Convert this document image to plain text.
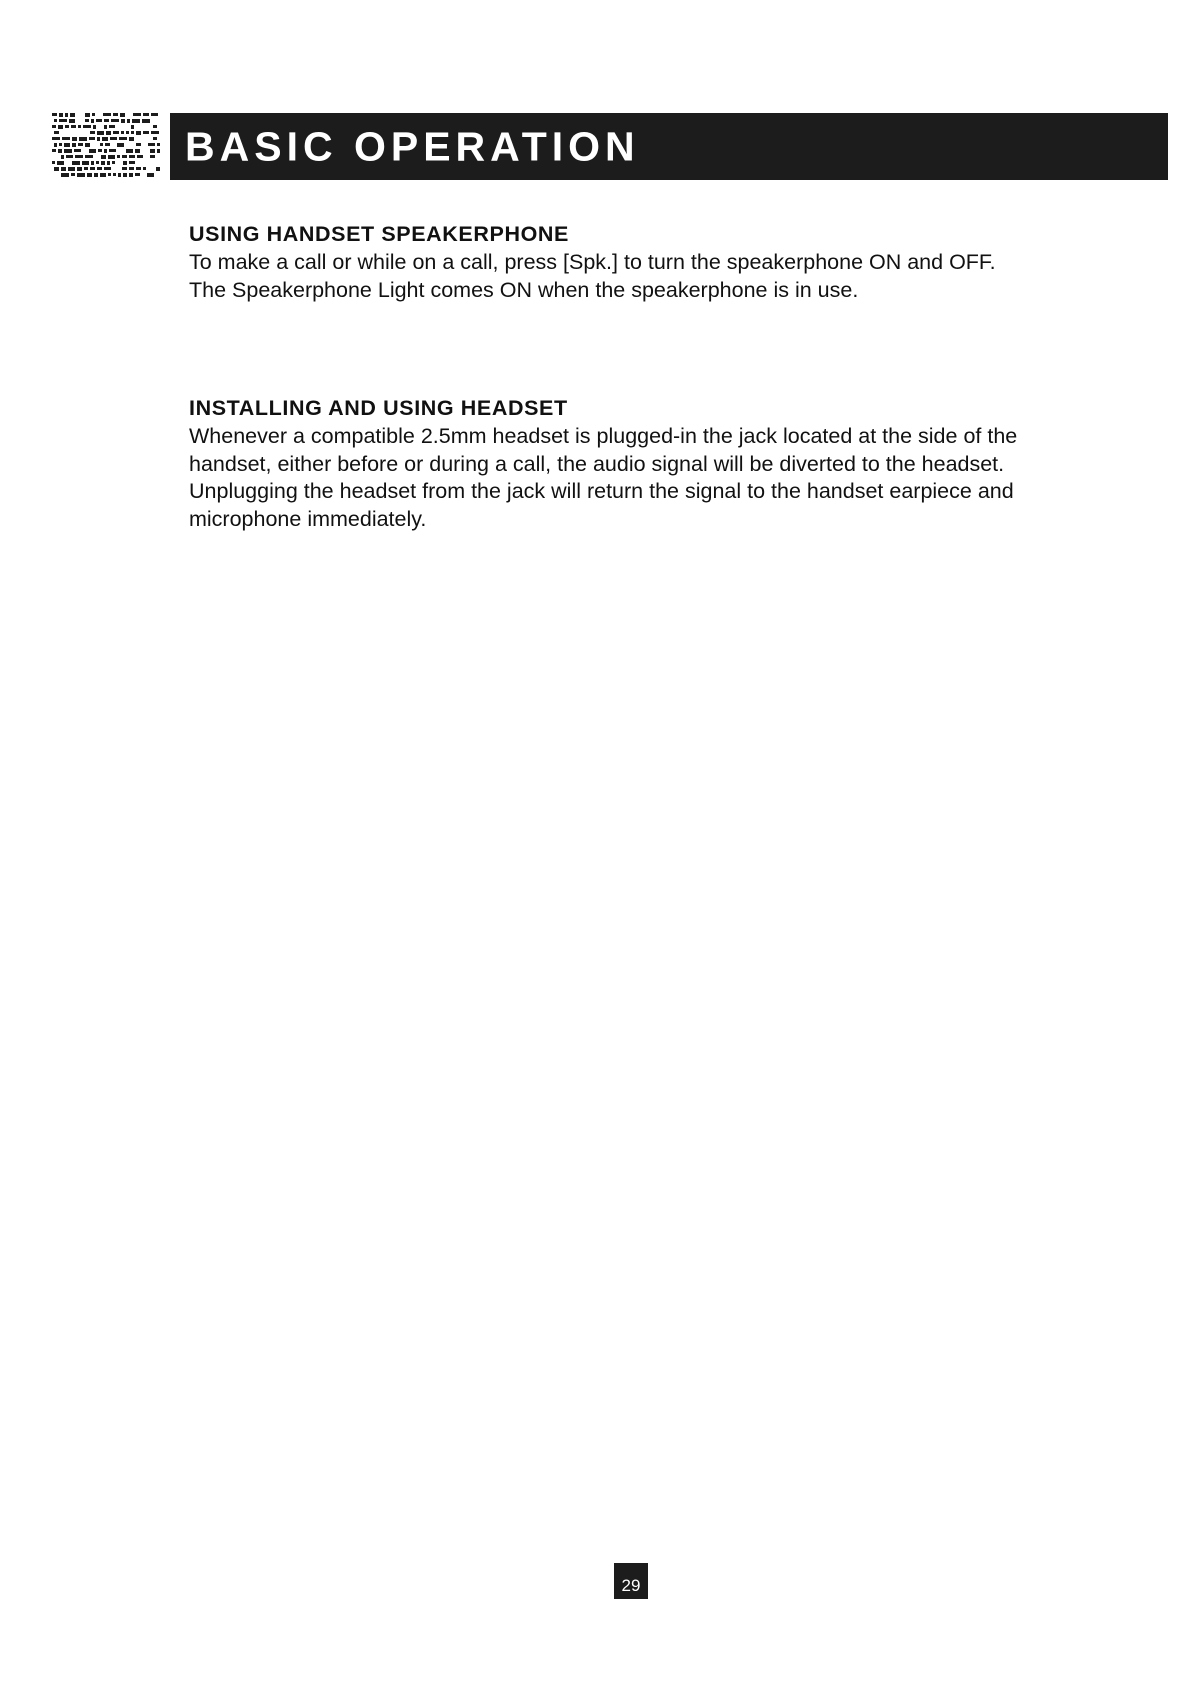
BASIC OPERATION
USING HANDSET SPEAKERPHONE

To make a call or while on a call, press [Spk.] to turn the speakerphone ON and OFF.

The Speakerphone Light comes ON when the speakerphone is in use.

INSTALLING AND USING HEADSET

Whenever a compatible 2.5mm headset is plugged-in the jack located at the side of the

handset, either before or during a call, the audio signal will be diverted to the headset.

Unplugging the headset from the jack will return the signal to the handset earpiece and

microphone immediately.

29
